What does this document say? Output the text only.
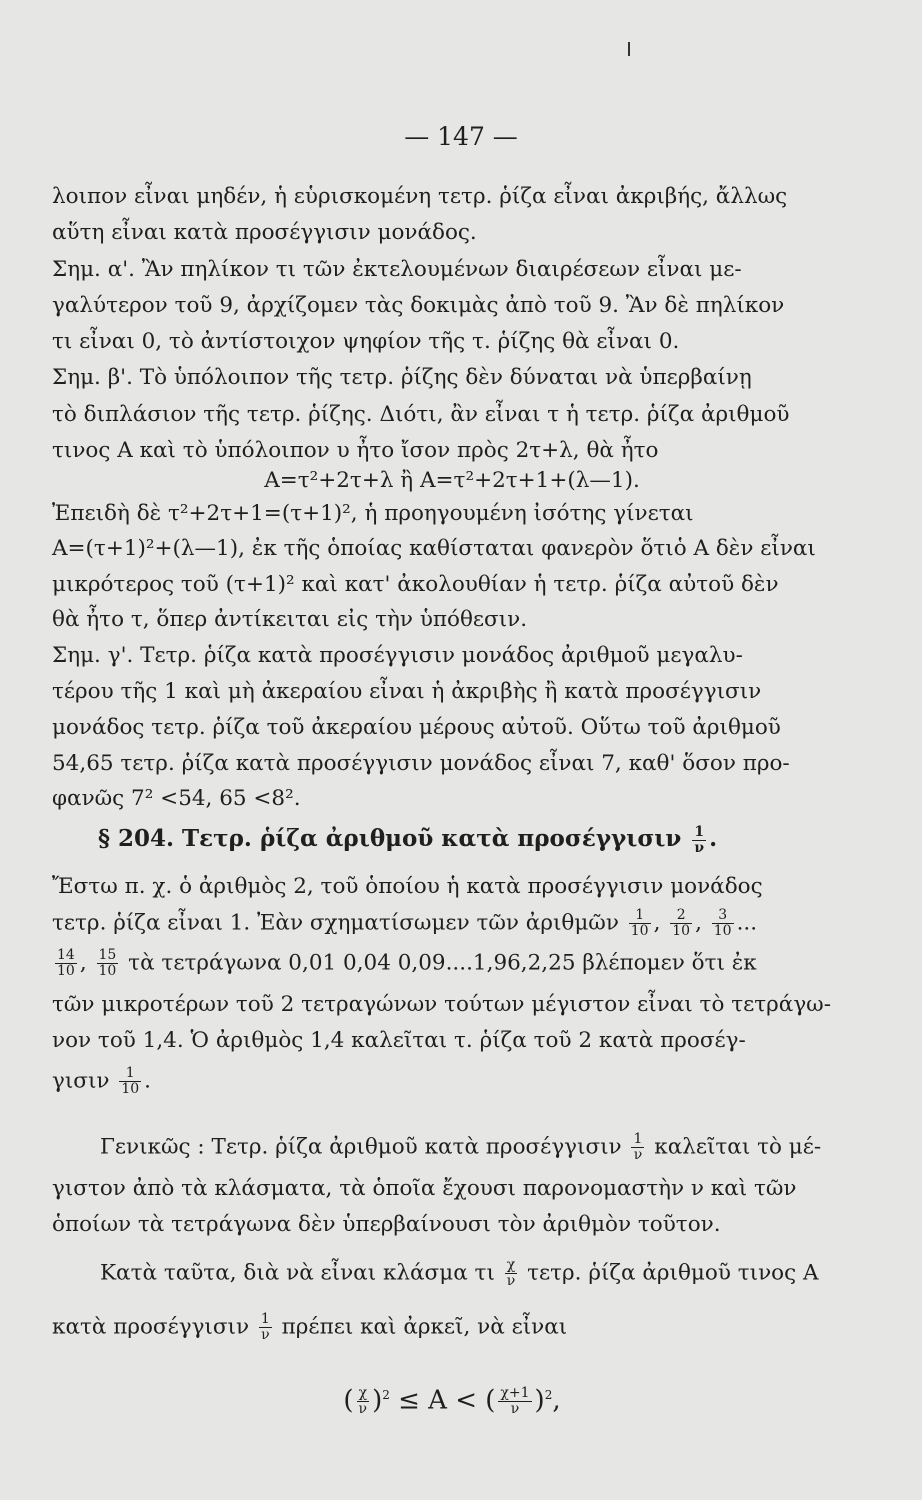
— 147 —
λοιπον εἶναι μηδέν, ἡ εὑρισκομένη τετρ. ῥίζα εἶναι ἀκριβής, ἄλλως
αὕτη εἶναι κατὰ προσέγγισιν μονάδος.
Σημ. α'. Ἂν πηλίκον τι τῶν ἐκτελουμένων διαιρέσεων εἶναι με-
γαλύτερον τοῦ 9, ἀρχίζομεν τὰς δοκιμὰς ἀπὸ τοῦ 9. Ἂν δὲ πηλίκον
τι εἶναι 0, τὸ ἀντίστοιχον ψηφίον τῆς τ. ῥίζης θὰ εἶναι 0.
Σημ. β'. Τὸ ὑπόλοιπον τῆς τετρ. ῥίζης δὲν δύναται νὰ ὑπερβαίνῃ
τὸ διπλάσιον τῆς τετρ. ῥίζης. Διότι, ἂν εἶναι τ ἡ τετρ. ῥίζα ἀριθμοῦ
τινος Α καὶ τὸ ὑπόλοιπον υ ἦτο ἴσον πρὸς 2τ+λ, θὰ ἦτο
Α=τ²+2τ+λ ἢ Α=τ²+2τ+1+(λ—1).
Ἐπειδὴ δὲ τ²+2τ+1=(τ+1)², ἡ προηγουμένη ἰσότης γίνεται
Α=(τ+1)²+(λ—1), ἐκ τῆς ὁποίας καθίσταται φανερὸν ὅτιὁ Α δὲν εἶναι
μικρότερος τοῦ (τ+1)² καὶ κατ' ἀκολουθίαν ἡ τετρ. ῥίζα αὐτοῦ δὲν
θὰ ἦτο τ, ὅπερ ἀντίκειται εἰς τὴν ὑπόθεσιν.
Σημ. γ'. Τετρ. ῥίζα κατὰ προσέγγισιν μονάδος ἀριθμοῦ μεγαλυ-
τέρου τῆς 1 καὶ μὴ ἀκεραίου εἶναι ἡ ἀκριβὴς ἢ κατὰ προσέγγισιν
μονάδος τετρ. ῥίζα τοῦ ἀκεραίου μέρους αὐτοῦ. Οὕτω τοῦ ἀριθμοῦ
54,65 τετρ. ῥίζα κατὰ προσέγγισιν μονάδος εἶναι 7, καθ' ὅσον προ-
φανῶς 7² <54, 65 <8².
§ 204. Τετρ. ῥίζα ἀριθμοῦ κατὰ προσέγγισιν $\frac{1}{\nu}$ .
Ἔστω π. χ. ὁ ἀριθμὸς 2, τοῦ ὁποίου ἡ κατὰ προσέγγισιν μονάδος
τετρ. ῥίζα εἶναι 1. Ἐὰν σχηματίσωμεν τῶν ἀριθμῶν $\frac{1}{10}$ , $\frac{2}{10}$ , $\frac{3}{10}$ ...
$\frac{14}{10}$ , $\frac{15}{10}$ τὰ τετράγωνα 0,01 0,04 0,09....1,96,2,25 βλέπομεν ὅτι ἐκ
τῶν μικροτέρων τοῦ 2 τετραγώνων τούτων μέγιστον εἶναι τὸ τετράγω-
νον τοῦ 1,4. Ὁ ἀριθμὸς 1,4 καλεῖται τ. ῥίζα τοῦ 2 κατὰ προσέγ-
γισιν $\frac{1}{10}$ .
Γενικῶς : Τετρ. ῥίζα ἀριθμοῦ κατὰ προσέγγισιν $\frac{1}{\nu}$ καλεῖται τὸ μέ-
γιστον ἀπὸ τὰ κλάσματα, τὰ ὁποῖα ἔχουσι παρονομαστὴν ν καὶ τῶν
ὁποίων τὰ τετράγωνα δὲν ὑπερβαίνουσι τὸν ἀριθμὸν τοῦτον.
Κατὰ ταῦτα, διὰ νὰ εἶναι κλάσμα τι $\frac{\chi}{\nu} \tau\varepsilon\tau\rho$. ῥίζα ἀριθμοῦ τινος Α
κατὰ προσέγγισιν $\frac{1}{\nu}$ πρέπει καὶ ἀρκεῖ, νὰ εἶναι
( $\frac{\chi}{\nu} )^2 \le A$ < ( $\frac{\chi+1}{\nu} )^2$,
